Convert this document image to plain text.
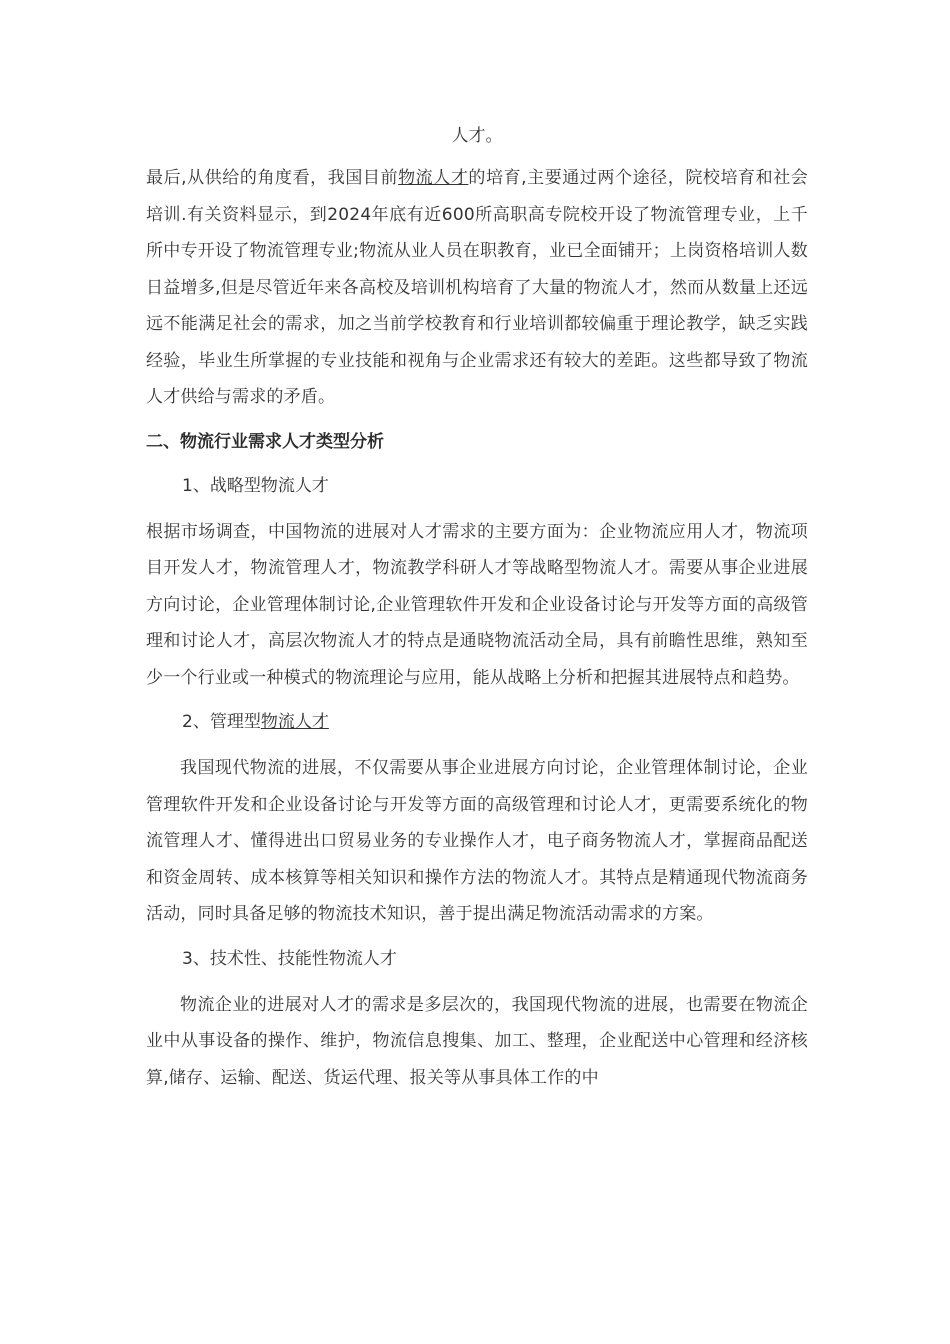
人才。

最后,从供给的角度看，我国目前物流人才的培育,主要通过两个途径，院校培育和社会培训.有关资料显示，到2024年底有近600所高职高专院校开设了物流管理专业，上千所中专开设了物流管理专业;物流从业人员在职教育，业已全面铺开；上岗资格培训人数日益增多,但是尽管近年来各高校及培训机构培育了大量的物流人才，然而从数量上还远远不能满足社会的需求，加之当前学校教育和行业培训都较偏重于理论教学，缺乏实践经验，毕业生所掌握的专业技能和视角与企业需求还有较大的差距。这些都导致了物流人才供给与需求的矛盾。

二、物流行业需求人才类型分析
1、战略型物流人才

根据市场调查，中国物流的进展对人才需求的主要方面为：企业物流应用人才，物流项目开发人才，物流管理人才，物流教学科研人才等战略型物流人才。需要从事企业进展方向讨论，企业管理体制讨论,企业管理软件开发和企业设备讨论与开发等方面的高级管理和讨论人才，高层次物流人才的特点是通晓物流活动全局，具有前瞻性思维，熟知至少一个行业或一种模式的物流理论与应用，能从战略上分析和把握其进展特点和趋势。

2、管理型物流人才

我国现代物流的进展，不仅需要从事企业进展方向讨论，企业管理体制讨论，企业管理软件开发和企业设备讨论与开发等方面的高级管理和讨论人才，更需要系统化的物流管理人才、懂得进出口贸易业务的专业操作人才，电子商务物流人才，掌握商品配送和资金周转、成本核算等相关知识和操作方法的物流人才。其特点是精通现代物流商务活动，同时具备足够的物流技术知识，善于提出满足物流活动需求的方案。

3、技术性、技能性物流人才

物流企业的进展对人才的需求是多层次的，我国现代物流的进展，也需要在物流企业中从事设备的操作、维护，物流信息搜集、加工、整理，企业配送中心管理和经济核算,储存、运输、配送、货运代理、报关等从事具体工作的中
